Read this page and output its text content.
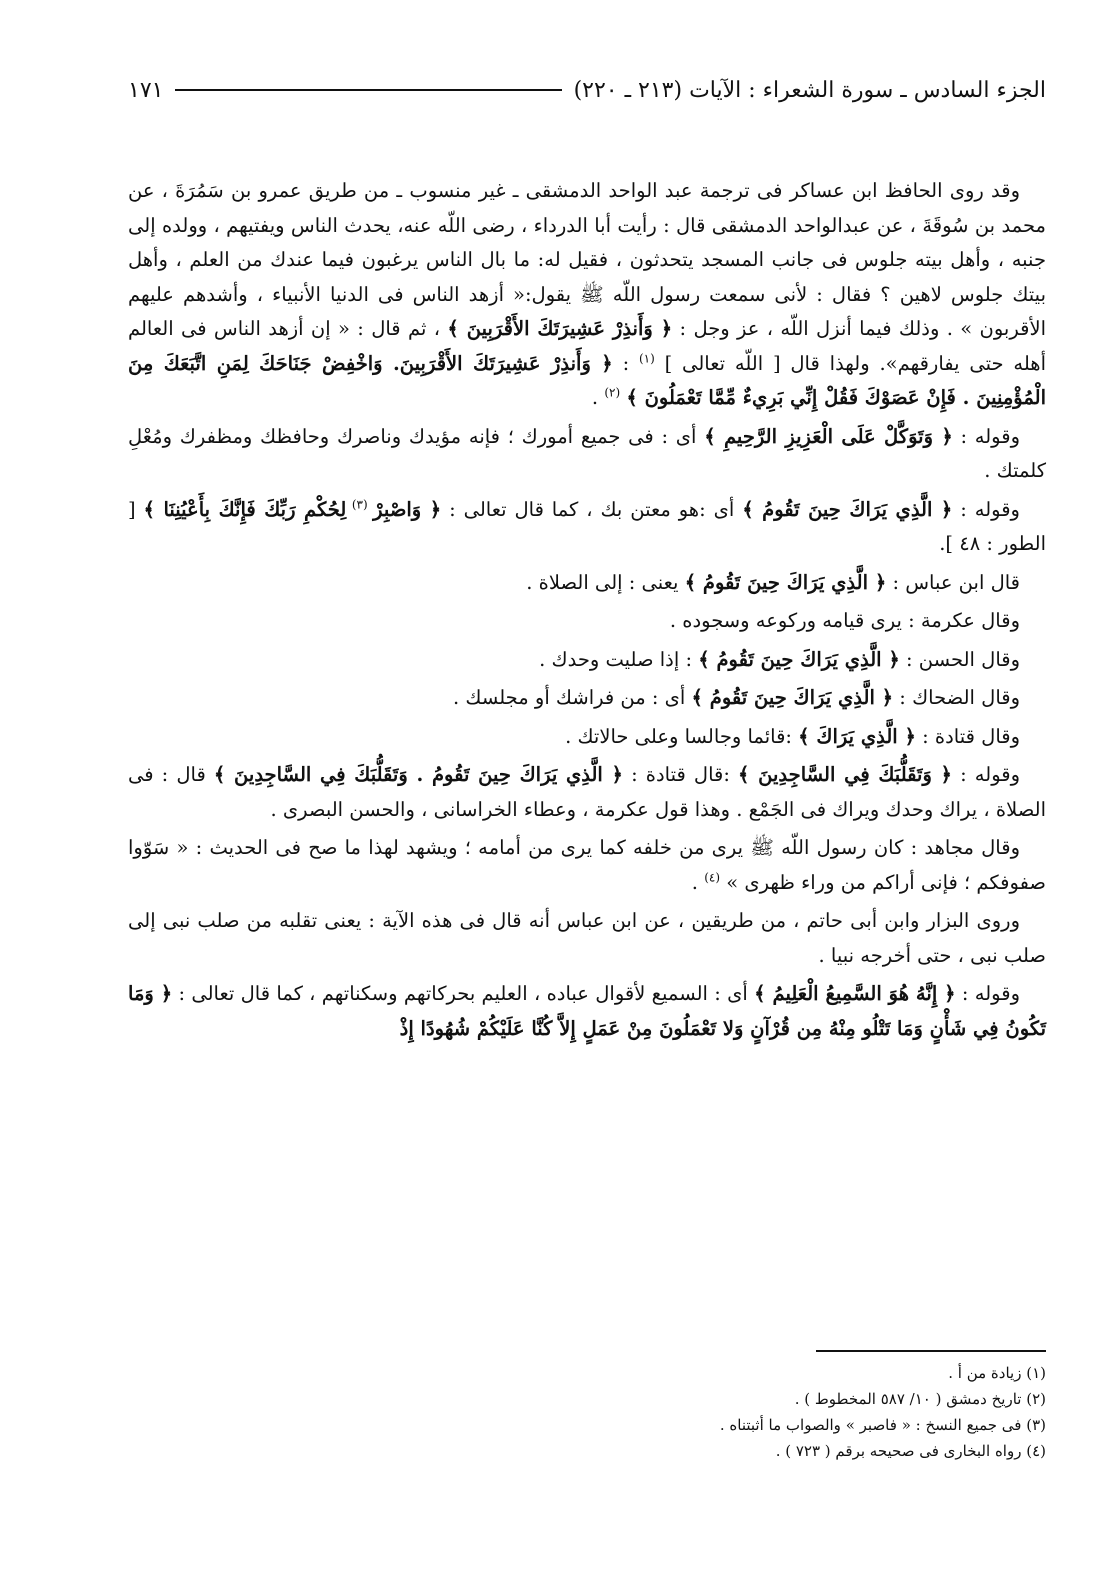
الجزء السادس ـ سورة الشعراء : الآيات (٢١٣ ـ ٢٢٠)
١٧١

وقد روى الحافظ ابن عساكر فى ترجمة عبد الواحد الدمشقى ـ غير منسوب ـ من طريق عمرو بن سَمُرَةَ ، عن محمد بن سُوقَةَ ، عن عبدالواحد الدمشقى قال : رأيت أبا الدرداء ، رضى اللّه عنه، يحدث الناس ويفتيهم ، وولده إلى جنبه ، وأهل بيته جلوس فى جانب المسجد يتحدثون ، فقيل له: ما بال الناس يرغبون فيما عندك من العلم ، وأهل بيتك جلوس لاهين ؟ فقال : لأنى سمعت رسول اللّه ﷺ يقول:« أزهد الناس فى الدنيا الأنبياء ، وأشدهم عليهم الأقربون » . وذلك فيما أنزل اللّه ، عز وجل : ﴿ وَأَنذِرْ عَشِيرَتَكَ الأَقْرَبِينَ ﴾ ، ثم قال : « إن أزهد الناس فى العالم أهله حتى يفارقهم». ولهذا قال [ اللّه تعالى ] $^{(١)}$ : ﴿ وَأَنذِرْ عَشِيرَتَكَ الأَقْرَبِينَ. وَاخْفِضْ جَنَاحَكَ لِمَنِ اتَّبَعَكَ مِنَ الْمُؤْمِنِينَ . فَإِنْ عَصَوْكَ فَقُلْ إِنِّي بَرِيءٌ مِّمَّا تَعْمَلُونَ ﴾ $^{(٢)}$ .

وقوله : ﴿ وَتَوَكَّلْ عَلَى الْعَزِيزِ الرَّحِيمِ ﴾ أى : فى جميع أمورك ؛ فإنه مؤيدك وناصرك وحافظك ومظفرك ومُعْلِ كلمتك .

وقوله : ﴿ الَّذِي يَرَاكَ حِينَ تَقُومُ ﴾ أى :هو معتن بك ، كما قال تعالى : ﴿ وَاصْبِرْ $^{(٣)}$ لِحُكْمِ رَبِّكَ فَإِنَّكَ بِأَعْيُنِنَا ﴾ [ الطور : ٤٨ ].

قال ابن عباس : ﴿ الَّذِي يَرَاكَ حِينَ تَقُومُ ﴾ يعنى : إلى الصلاة .

وقال عكرمة : يرى قيامه وركوعه وسجوده .

وقال الحسن : ﴿ الَّذِي يَرَاكَ حِينَ تَقُومُ ﴾ : إذا صليت وحدك .

وقال الضحاك : ﴿ الَّذِي يَرَاكَ حِينَ تَقُومُ ﴾ أى : من فراشك أو مجلسك .

وقال قتادة : ﴿ الَّذِي يَرَاكَ ﴾ :قائما وجالسا وعلى حالاتك .

وقوله : ﴿ وَتَقَلُّبَكَ فِي السَّاجِدِينَ ﴾ :قال قتادة : ﴿ الَّذِي يَرَاكَ حِينَ تَقُومُ . وَتَقَلُّبَكَ فِي السَّاجِدِينَ ﴾ قال : فى الصلاة ، يراك وحدك ويراك فى الجَمْع . وهذا قول عكرمة ، وعطاء الخراسانى ، والحسن البصرى .

وقال مجاهد : كان رسول اللّه ﷺ يرى من خلفه كما يرى من أمامه ؛ ويشهد لهذا ما صح فى الحديث : « سَوّوا صفوفكم ؛ فإنى أراكم من وراء ظهرى » $^{(٤)}$ .

وروى البزار وابن أبى حاتم ، من طريقين ، عن ابن عباس أنه قال فى هذه الآية : يعنى تقلبه من صلب نبى إلى صلب نبى ، حتى أخرجه نبيا .

وقوله : ﴿ إِنَّهُ هُوَ السَّمِيعُ الْعَلِيمُ ﴾ أى : السميع لأقوال عباده ، العليم بحركاتهم وسكناتهم ، كما قال تعالى : ﴿ وَمَا تَكُونُ فِي شَأْنٍ وَمَا تَتْلُو مِنْهُ مِن قُرْآنٍ وَلا تَعْمَلُونَ مِنْ عَمَلٍ إِلاَّ كُنَّا عَلَيْكُمْ شُهُودًا إِذْ

(١) زيادة من أ .

(٢) تاريخ دمشق ( ١٠/ ٥٨٧ المخطوط ) .

(٣) فى جميع النسخ : « فاصبر » والصواب ما أثبتناه .

(٤) رواه البخارى فى صحيحه برقم ( ٧٢٣ ) .
